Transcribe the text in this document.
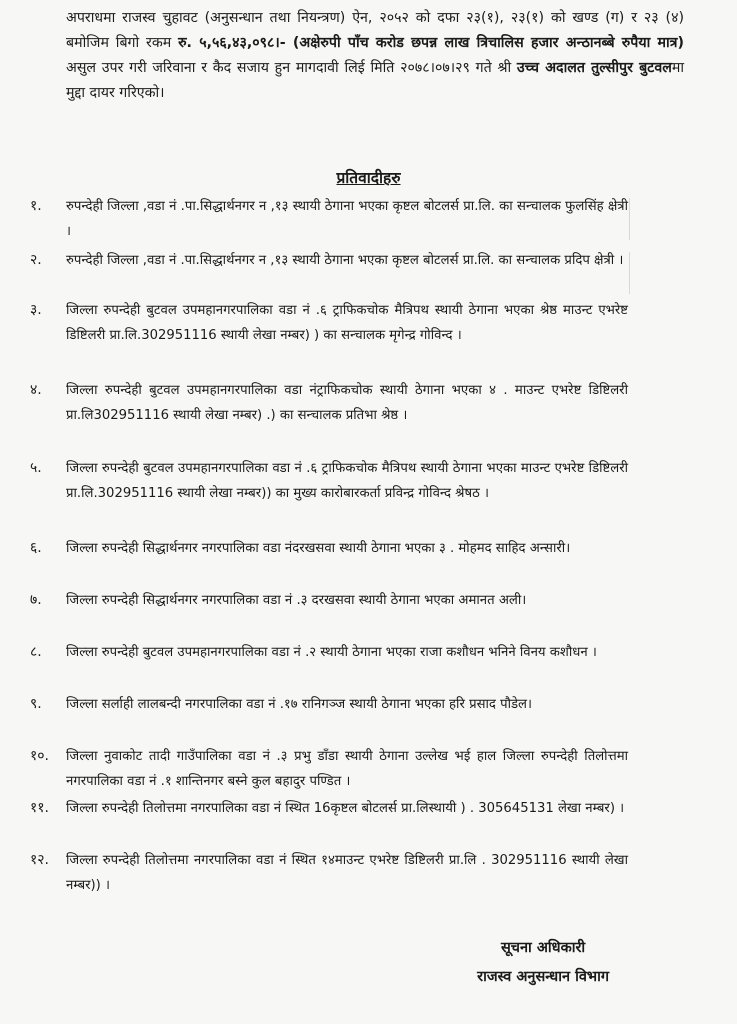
अपराधमा राजस्व चुहावट (अनुसन्धान तथा नियन्त्रण) ऐन, २०५२ को दफा २३(१), २३(१) को खण्ड (ग) र २३ (४) बमोजिम बिगो रकम रु. ५,५६,४३,०९८।- (अक्षेरुपी पाँच करोड छपन्न लाख त्रिचालिस हजार अन्ठानब्बे रुपैया मात्र) असुल उपर गरी जरिवाना र कैद सजाय हुन मागदावी लिई मिति २०७८।०७।२९ गते श्री उच्च अदालत तुल्सीपुर बुटवलमा मुद्दा दायर गरिएको।

प्रतिवादीहरु

१.	रुपन्देही जिल्ला ,वडा नं .पा.सिद्धार्थनगर न ,१३ स्थायी ठेगाना भएका कृष्टल बोटलर्स प्रा.लि. का सन्चालक फुलसिंह क्षेत्री ।

२.	रुपन्देही जिल्ला ,वडा नं .पा.सिद्धार्थनगर न ,१३ स्थायी ठेगाना भएका कृष्टल बोटलर्स प्रा.लि. का सन्चालक प्रदिप क्षेत्री ।

३.	जिल्ला रुपन्देही बुटवल उपमहानगरपालिका वडा नं .६ ट्राफिकचोक मैत्रिपथ स्थायी ठेगाना भएका श्रेष्ठ माउन्ट एभरेष्ट डिष्टिलरी प्रा.लि.302951116 स्थायी लेखा नम्बर) ) का सन्चालक मृगेन्द्र गोविन्द ।

४.	जिल्ला रुपन्देही बुटवल उपमहानगरपालिका वडा नंट्राफिकचोक स्थायी ठेगाना भएका ४ . माउन्ट एभरेष्ट डिष्टिलरी प्रा.लि302951116 स्थायी लेखा नम्बर) .) का सन्चालक प्रतिभा श्रेष्ठ ।

५.	जिल्ला रुपन्देही बुटवल उपमहानगरपालिका वडा नं .६ ट्राफिकचोक मैत्रिपथ स्थायी ठेगाना भएका माउन्ट एभरेष्ट डिष्टिलरी प्रा.लि.302951116 स्थायी लेखा नम्बर)) का मुख्य कारोबारकर्ता प्रविन्द्र गोविन्द श्रेषठ ।

६.	जिल्ला रुपन्देही सिद्धार्थनगर नगरपालिका वडा नंदरखसवा स्थायी ठेगाना भएका ३ . मोहमद साहिद अन्सारी।

७.	जिल्ला रुपन्देही सिद्धार्थनगर नगरपालिका वडा नं .३ दरखसवा स्थायी ठेगाना भएका अमानत अली।

८.	जिल्ला रुपन्देही बुटवल उपमहानगरपालिका वडा नं .२ स्थायी ठेगाना भएका राजा कशौधन भनिने विनय कशौधन ।

९.	जिल्ला सर्लाही लालबन्दी नगरपालिका वडा नं .१७ रानिगञ्ज स्थायी ठेगाना भएका हरि प्रसाद पौडेल।

१०.	जिल्ला नुवाकोट तादी गाउँपालिका वडा नं .३ प्रभु डाँडा स्थायी ठेगाना उल्लेख भई हाल जिल्ला रुपन्देही तिलोत्तमा नगरपालिका वडा नं .१ शान्तिनगर बस्ने कुल बहादुर पण्डित ।

११.	जिल्ला रुपन्देही तिलोत्तमा नगरपालिका वडा नं स्थित 16कृष्टल बोटलर्स प्रा.लिस्थायी ) . 305645131 लेखा नम्बर) ।

१२.	जिल्ला रुपन्देही तिलोत्तमा नगरपालिका वडा नं स्थित १४माउन्ट एभरेष्ट डिष्टिलरी प्रा.लि . 302951116 स्थायी लेखा नम्बर)) ।

सूचना अधिकारी
राजस्व अनुसन्धान विभाग
